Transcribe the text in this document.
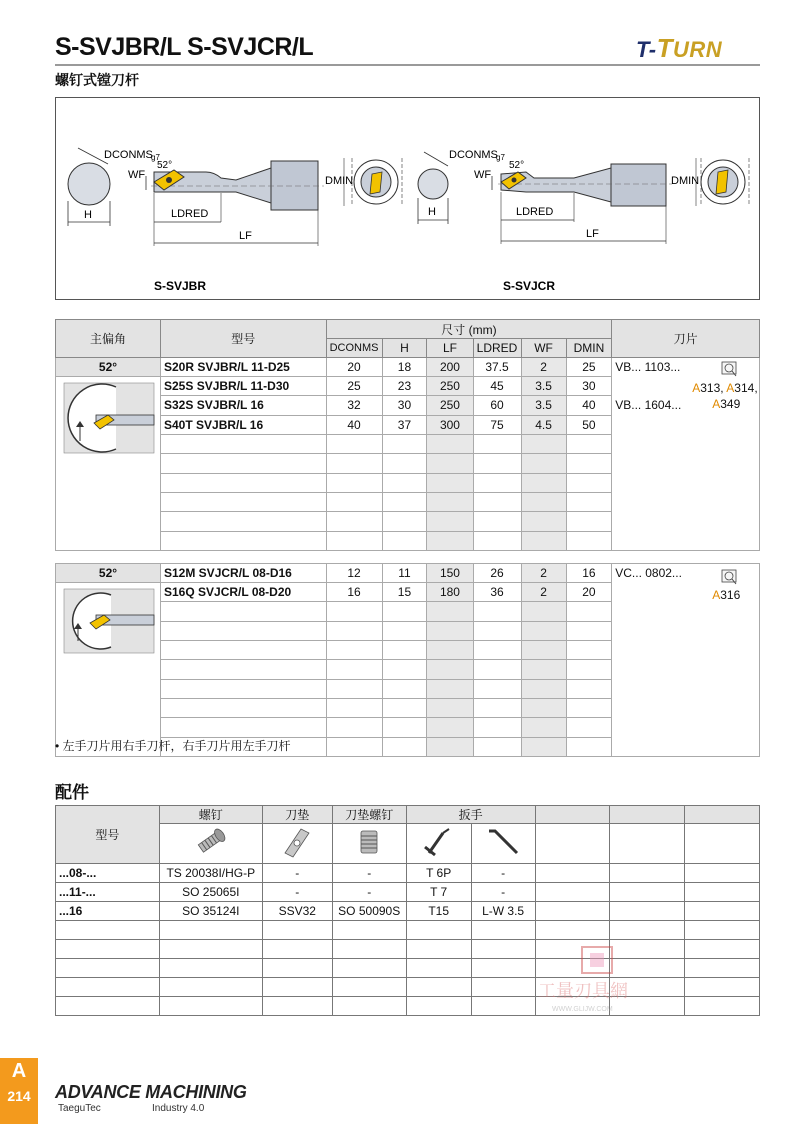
S-SVJBR/L S-SVJCR/L	T-TURN
螺钉式镗刀杆
H
DCONMS
g7
52°
WF
LDRED
LF
DMIN
S-SVJBR
H
DCONMS
g7
52°
WF
LDRED
LF
DMIN
S-SVJCR
主偏角	型号	尺寸 (mm)						刀片
		DCONMS	H	LF	LDRED	WF	DMIN	
52°	S20R SVJBR/L 11-D25	20	18	200	37.5	2	25	VB... 1103...
VB... 1604...
A313, A314,
A349

	S25S SVJBR/L 11-D30	25	23	250	45	3.5	30	
	S32S SVJBR/L 16	32	30	250	60	3.5	40	
	S40T SVJBR/L 16	40	37	300	75	4.5	50	

52°	S12M SVJCR/L 08-D16	12	11	150	26	2	16	VC... 0802...
A316

	S16Q SVJCR/L 08-D20	16	15	180	36	2	20	

• 左手刀片用右手刀杆，右手刀片用左手刀杆
配件
型号	螺钉	刀垫	刀垫螺钉	扳手				

...08-...	TS 20038I/HG-P	-	-	T 6P	-			
...11-...	SO 25065I	-	-	T 7	-			
...16	SO 35124I	SSV32	SO 50090S	T15	L-W 3.5			

工量刃具網
WWW.GLIJW.COM
A
214	ADVANCE MACHINING
TaeguTec	Industry 4.0
